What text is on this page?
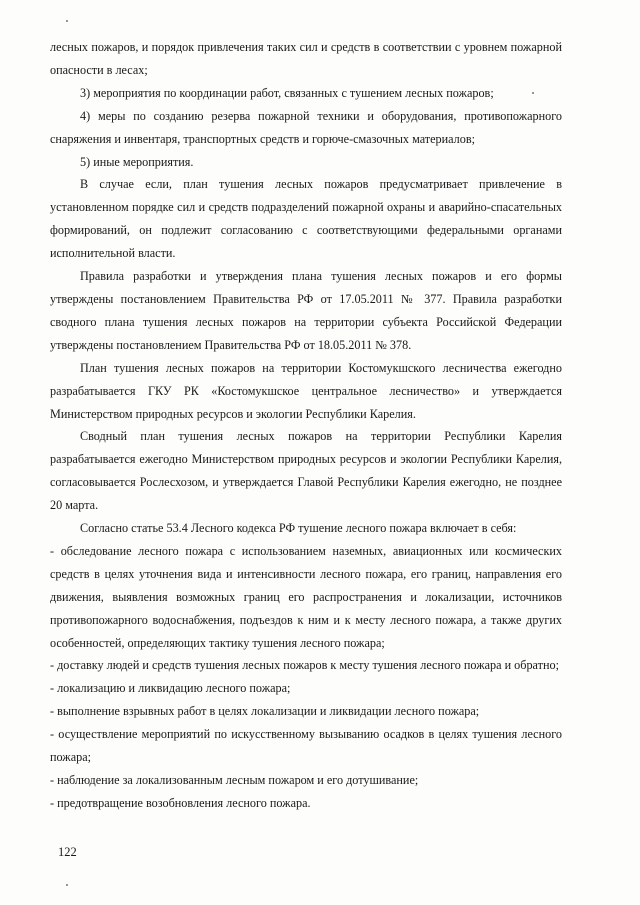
лесных пожаров, и порядок привлечения таких сил и средств в соответствии с уровнем пожарной опасности в лесах;

3) мероприятия по координации работ, связанных с тушением лесных пожаров;

4) меры по созданию резерва пожарной техники и оборудования, противопожарного снаряжения и инвентаря, транспортных средств и горюче-смазочных материалов;

5) иные мероприятия.

В случае если, план тушения лесных пожаров предусматривает привлечение в установленном порядке сил и средств подразделений пожарной охраны и аварийно-спасательных формирований, он подлежит согласованию с соответствующими федеральными органами исполнительной власти.

Правила разработки и утверждения плана тушения лесных пожаров и его формы утверждены постановлением Правительства РФ от 17.05.2011 № 377. Правила разработки сводного плана тушения лесных пожаров на территории субъекта Российской Федерации утверждены постановлением Правительства РФ от 18.05.2011 № 378.

План тушения лесных пожаров на территории Костомукшского лесничества ежегодно разрабатывается ГКУ РК «Костомукшское центральное лесничество» и утверждается Министерством природных ресурсов и экологии Республики Карелия.

Сводный план тушения лесных пожаров на территории Республики Карелия разрабатывается ежегодно Министерством природных ресурсов и экологии Республики Карелия, согласовывается Рослесхозом, и утверждается Главой Республики Карелия ежегодно, не позднее 20 марта.

Согласно статье 53.4 Лесного кодекса РФ тушение лесного пожара включает в себя:

- обследование лесного пожара с использованием наземных, авиационных или космических средств в целях уточнения вида и интенсивности лесного пожара, его границ, направления его движения, выявления возможных границ его распространения и локализации, источников противопожарного водоснабжения, подъездов к ним и к месту лесного пожара, а также других особенностей, определяющих тактику тушения лесного пожара;

- доставку людей и средств тушения лесных пожаров к месту тушения лесного пожара и обратно;

- локализацию и ликвидацию лесного пожара;

- выполнение взрывных работ в целях локализации и ликвидации лесного пожара;

- осуществление мероприятий по искусственному вызыванию осадков в целях тушения лесного пожара;

- наблюдение за локализованным лесным пожаром и его дотушивание;

- предотвращение возобновления лесного пожара.

122
